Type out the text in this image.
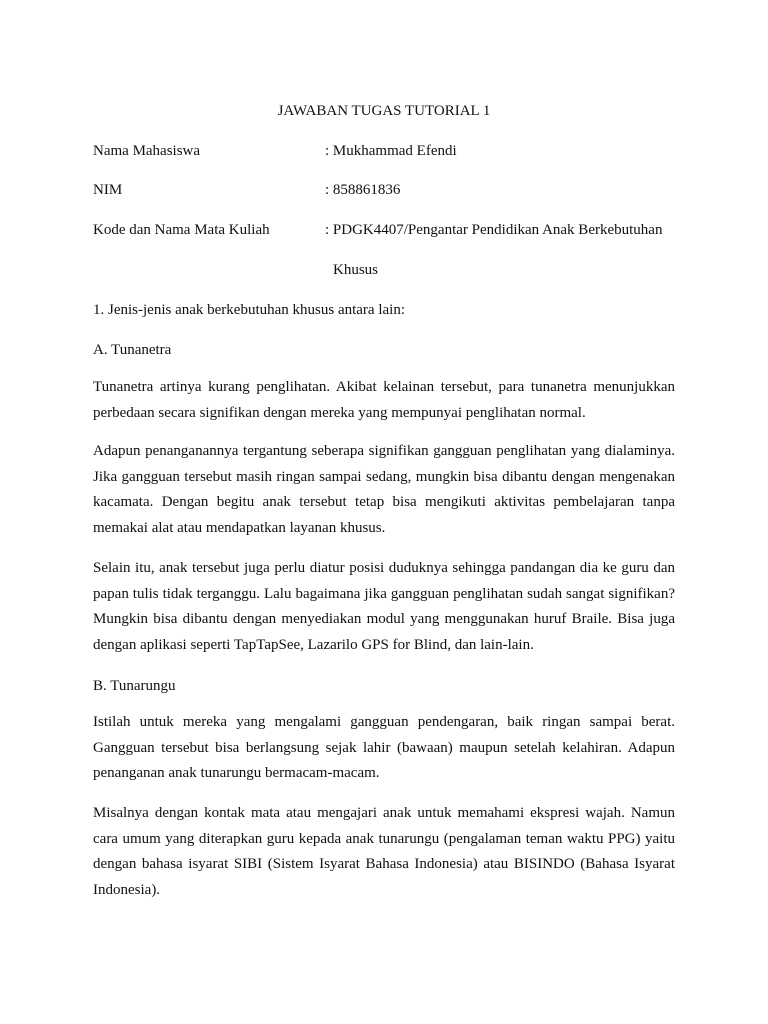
JAWABAN TUGAS TUTORIAL 1
Nama Mahasiswa	: Mukhammad Efendi
NIM	: 858861836
Kode dan Nama Mata Kuliah	: PDGK4407/Pengantar Pendidikan Anak Berkebutuhan
Khusus

1. Jenis-jenis anak berkebutuhan khusus antara lain:

A. Tunanetra

Tunanetra artinya kurang penglihatan. Akibat kelainan tersebut, para tunanetra menunjukkan perbedaan secara signifikan dengan mereka yang mempunyai penglihatan normal.

Adapun penanganannya tergantung seberapa signifikan gangguan penglihatan yang dialaminya. Jika gangguan tersebut masih ringan sampai sedang, mungkin bisa dibantu dengan mengenakan kacamata. Dengan begitu anak tersebut tetap bisa mengikuti aktivitas pembelajaran tanpa memakai alat atau mendapatkan layanan khusus.

Selain itu, anak tersebut juga perlu diatur posisi duduknya sehingga pandangan dia ke guru dan papan tulis tidak terganggu. Lalu bagaimana jika gangguan penglihatan sudah sangat signifikan? Mungkin bisa dibantu dengan menyediakan modul yang menggunakan huruf Braile. Bisa juga dengan aplikasi seperti TapTapSee, Lazarilo GPS for Blind, dan lain-lain.

B. Tunarungu

Istilah untuk mereka yang mengalami gangguan pendengaran, baik ringan sampai berat. Gangguan tersebut bisa berlangsung sejak lahir (bawaan) maupun setelah kelahiran. Adapun penanganan anak tunarungu bermacam-macam.

Misalnya dengan kontak mata atau mengajari anak untuk memahami ekspresi wajah. Namun cara umum yang diterapkan guru kepada anak tunarungu (pengalaman teman waktu PPG) yaitu dengan bahasa isyarat SIBI (Sistem Isyarat Bahasa Indonesia) atau BISINDO (Bahasa Isyarat Indonesia).
